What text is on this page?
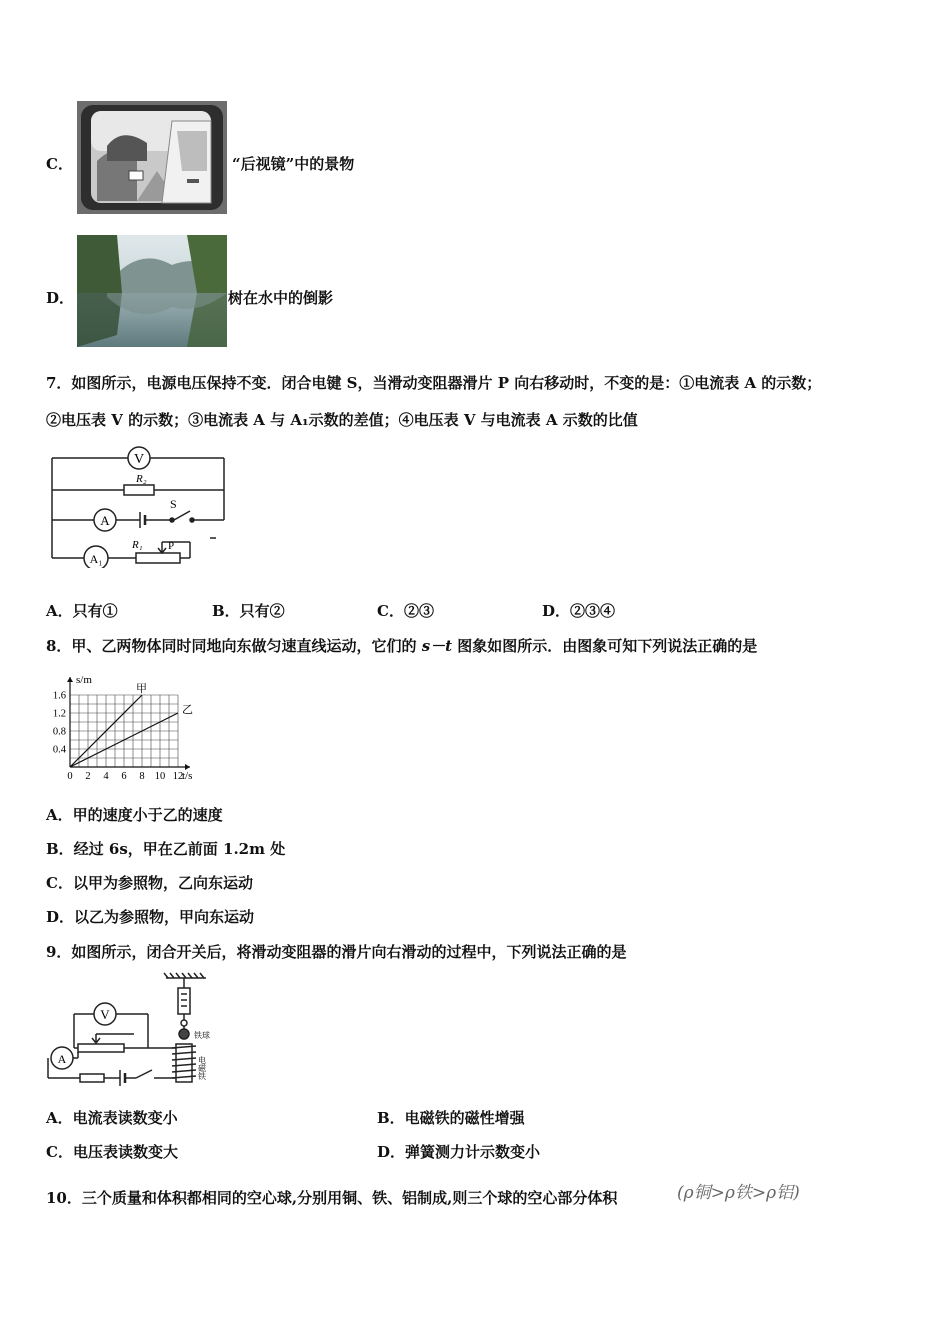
C．	“后视镜”中的景物
D．	树在水中的倒影
7．如图所示，电源电压保持不变．闭合电键 S，当滑动变阻器滑片 P 向右移动时，不变的是：①电流表 A 的示数；
②电压表 V 的示数；③电流表 A 与 A₁示数的差值；④电压表 V 与电流表 A 示数的比值
V
R₂
A
S
A₁
R₁ P
A．只有①	B．只有②	C．②③	D．②③④
8．甲、乙两物体同时同地向东做匀速直线运动，它们的 s－t 图象如图所示．由图象可知下列说法正确的是
s/m
t/s
0 2 4 6 8 10 12
0.4
0.8
1.2
1.6
甲
乙
A．甲的速度小于乙的速度
B．经过 6s，甲在乙前面 1.2m 处
C．以甲为参照物，乙向东运动
D．以乙为参照物，甲向东运动
9．如图所示，闭合开关后，将滑动变阻器的滑片向右滑动的过程中，下列说法正确的是
V
A
铁球
电磁铁
A．电流表读数变小	B．电磁铁的磁性增强
C．电压表读数变大	D．弹簧测力计示数变小
10．三个质量和体积都相同的空心球,分别用铜、铁、铝制成,则三个球的空心部分体积	(ρ铜>ρ铁>ρ铝)
